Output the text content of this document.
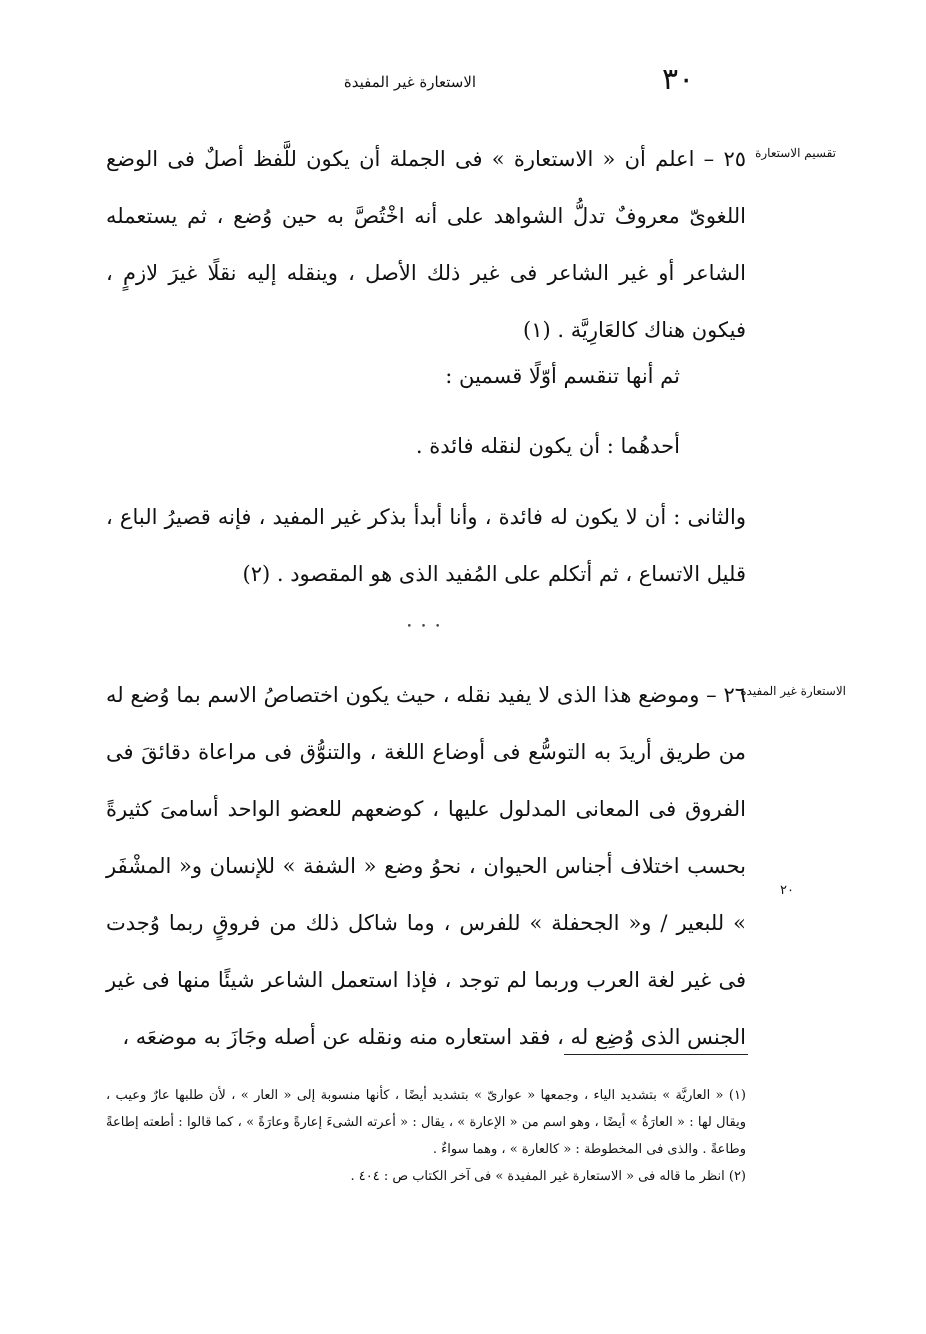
٣٠
الاستعارة غير المفيدة
تقسيم الاستعارة
الاستعارة غير المفيدة
٢٠

٢٥ – اعلم أن « الاستعارة » فى الجملة أن يكون للَّفظ أصلٌ فى الوضع اللغوىّ معروفٌ تدلُّ الشواهد على أنه اخْتُصَّ به حين وُضع ، ثم يستعمله الشاعر أو غير الشاعر فى غير ذلك الأصل ، وينقله إليه نقلًا غيرَ لازمٍ ، فيكون هناك كالعَارِيَّة . (١)

ثم أنها تنقسم أوّلًا قسمين :
أحدهُما : أن يكون لنقله فائدة .

والثانى : أن لا يكون له فائدة ، وأنا أبدأ بذكر غير المفيد ، فإنه قصيرُ الباع ، قليل الاتساع ، ثم أتكلم على المُفيد الذى هو المقصود . (٢)

• • •

٢٦ – وموضع هذا الذى لا يفيد نقله ، حيث يكون اختصاصُ الاسم بما وُضع له من طريق أريدَ به التوسُّع فى أوضاع اللغة ، والتنوُّق فى مراعاة دقائقَ فى الفروق فى المعانى المدلول عليها ، كوضعهم للعضو الواحد أسامىَ كثيرةً بحسب اختلاف أجناس الحيوان ، نحوُ وضع « الشفة » للإنسان و« المشْفَر » للبعير / و« الجحفلة » للفرس ، وما شاكل ذلك من فروقٍ ربما وُجدت فى غير لغة العرب وربما لم توجد ، فإذا استعمل الشاعر شيئًا منها فى غير الجنس الذى وُضِع له ، فقد استعاره منه ونقله عن أصله وجَازَ به موضعَه ،

(١) « العاريَّة » بتشديد الياء ، وجمعها « عوارىّ » بتشديد أيضًا ، كأنها منسوبة إلى « العار » ، لأن طلبها عارٌ وعيب ، ويقال لها : « العارَةُ » أيضًا ، وهو اسم من « الإعارة » ، يقال : « أعرته الشىءَ إعارةً وعارَةً » ، كما قالوا : أطعته إطاعةً وطاعةً . والذى فى المخطوطة : « كالعارة » ، وهما سواءٌ .

(٢) انظر ما قاله فى « الاستعارة غير المفيدة » فى آخر الكتاب ص : ٤٠٤ .
